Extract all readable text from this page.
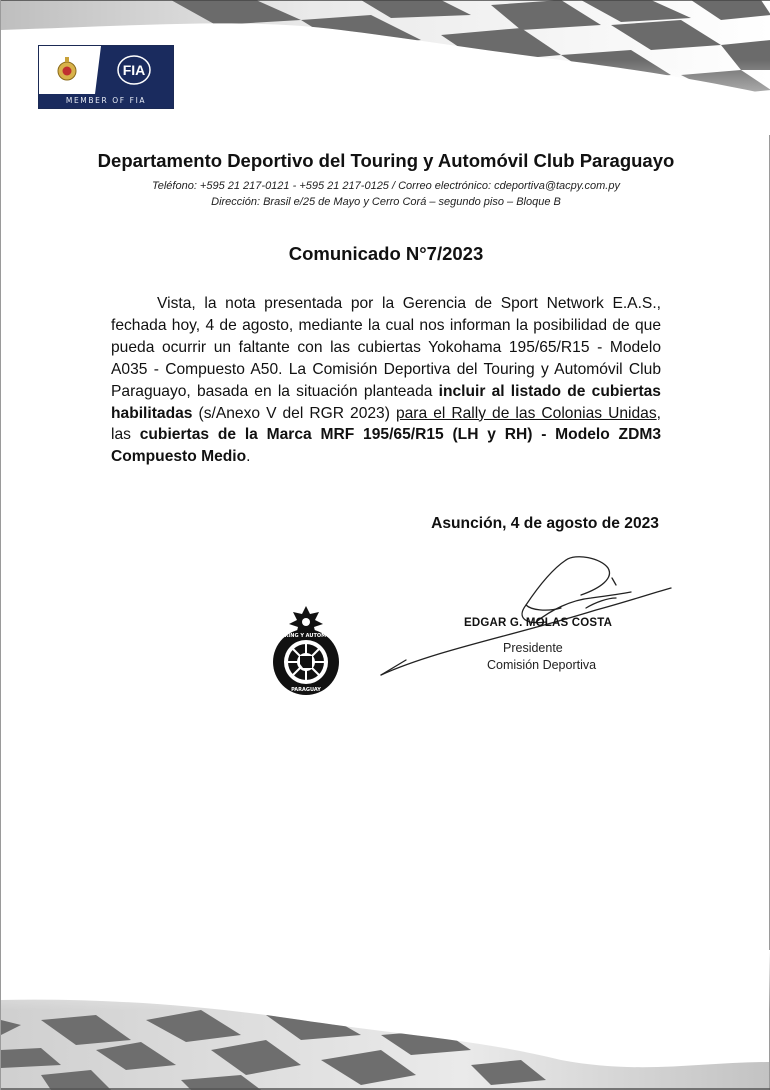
FIA
MEMBER OF FIA
Departamento Deportivo del Touring y Automóvil Club Paraguayo
Teléfono: +595 21 217-0121 - +595 21 217-0125 / Correo electrónico: cdeportiva@tacpy.com.py
Dirección: Brasil e/25 de Mayo y Cerro Corá – segundo piso – Bloque B
Comunicado N°7/2023
Vista, la nota presentada por la Gerencia de Sport Network E.A.S., fechada hoy, 4 de agosto, mediante la cual nos informan la posibilidad de que pueda ocurrir un faltante con las cubiertas Yokohama 195/65/R15 - Modelo A035 - Compuesto A50. La Comisión Deportiva del Touring y Automóvil Club Paraguayo, basada en la situación planteada incluir al listado de cubiertas habilitadas (s/Anexo V del RGR 2023) para el Rally de las Colonias Unidas, las cubiertas de la Marca MRF 195/65/R15 (LH y RH) - Modelo ZDM3 Compuesto Medio.
Asunción, 4 de agosto de 2023
TOURING Y AUTOMOVIL
PARAGUAY
EDGAR G. MOLAS COSTA
Presidente
Comisión Deportiva
